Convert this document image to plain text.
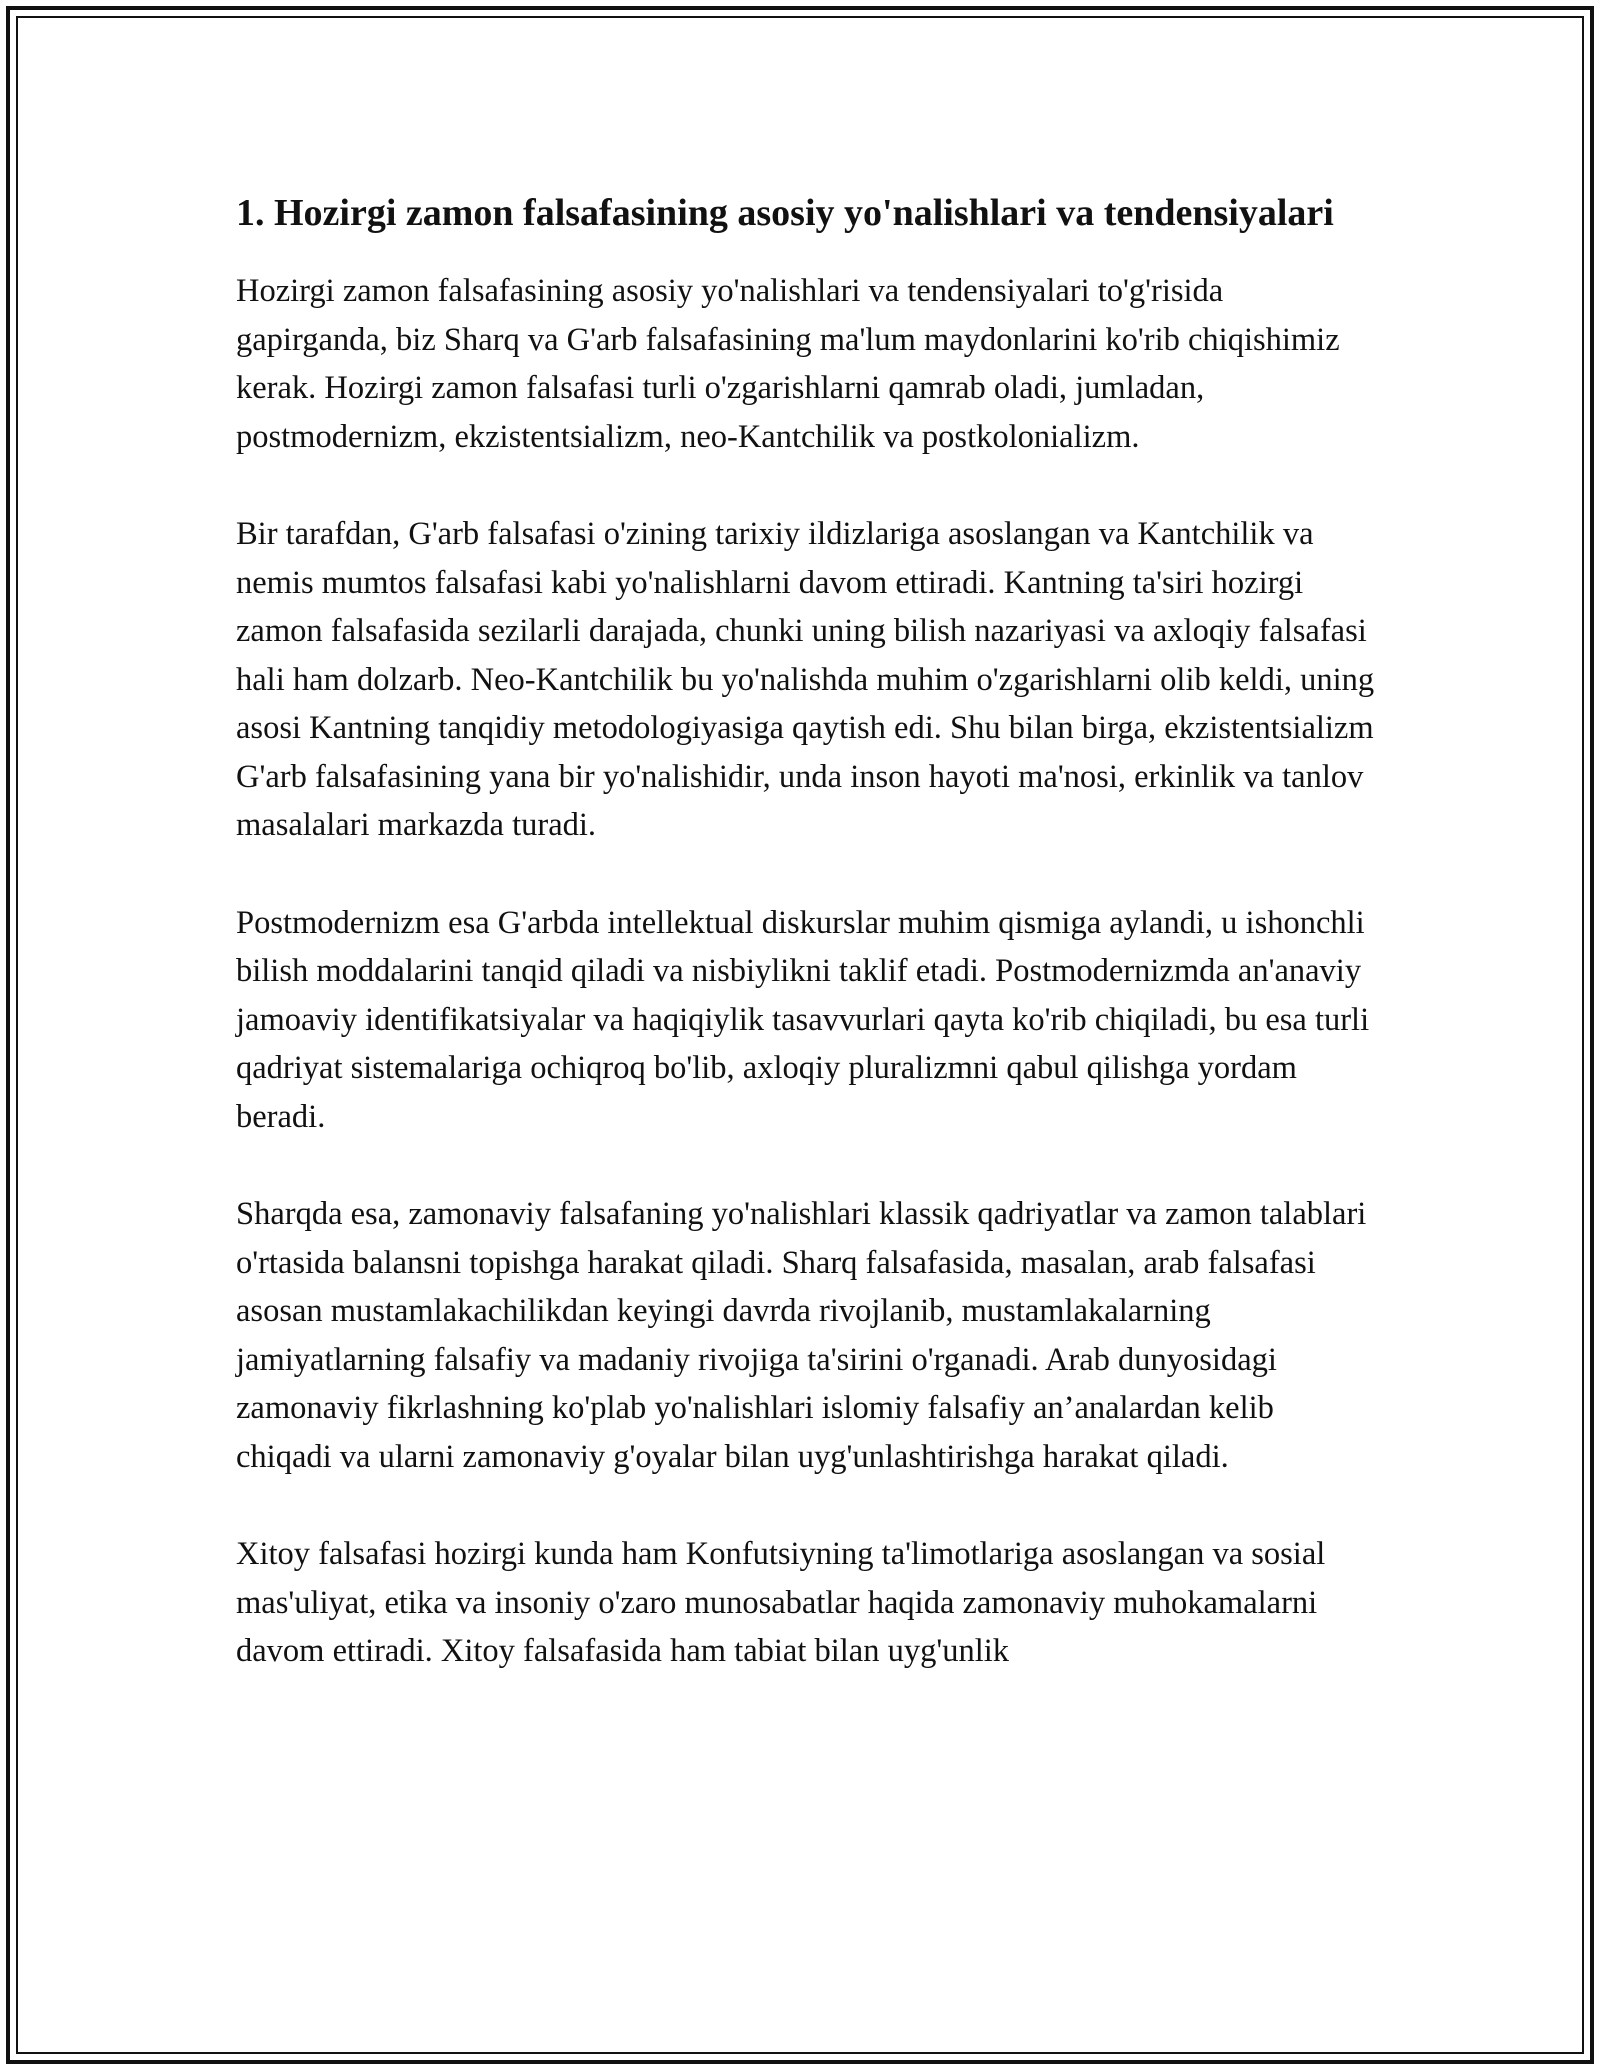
1. Hozirgi zamon falsafasining asosiy yo'nalishlari va tendensiyalari

Hozirgi zamon falsafasining asosiy yo'nalishlari va tendensiyalari to'g'risida gapirganda, biz Sharq va G'arb falsafasining ma'lum maydonlarini ko'rib chiqishimiz kerak. Hozirgi zamon falsafasi turli o'zgarishlarni qamrab oladi, jumladan, postmodernizm, ekzistentsializm, neo-Kantchilik va postkolonializm.

Bir tarafdan, G'arb falsafasi o'zining tarixiy ildizlariga asoslangan va Kantchilik va nemis mumtos falsafasi kabi yo'nalishlarni davom ettiradi. Kantning ta'siri hozirgi zamon falsafasida sezilarli darajada, chunki uning bilish nazariyasi va axloqiy falsafasi hali ham dolzarb. Neo-Kantchilik bu yo'nalishda muhim o'zgarishlarni olib keldi, uning asosi Kantning tanqidiy metodologiyasiga qaytish edi. Shu bilan birga, ekzistentsializm G'arb falsafasining yana bir yo'nalishidir, unda inson hayoti ma'nosi, erkinlik va tanlov masalalari markazda turadi.

Postmodernizm esa G'arbda intellektual diskurslar muhim qismiga aylandi, u ishonchli bilish moddalarini tanqid qiladi va nisbiylikni taklif etadi. Postmodernizmda an'anaviy jamoaviy identifikatsiyalar va haqiqiylik tasavvurlari qayta ko'rib chiqiladi, bu esa turli qadriyat sistemalariga ochiqroq bo'lib, axloqiy pluralizmni qabul qilishga yordam beradi.

Sharqda esa, zamonaviy falsafaning yo'nalishlari klassik qadriyatlar va zamon talablari o'rtasida balansni topishga harakat qiladi. Sharq falsafasida, masalan, arab falsafasi asosan mustamlakachilikdan keyingi davrda rivojlanib, mustamlakalarning jamiyatlarning falsafiy va madaniy rivojiga ta'sirini o'rganadi. Arab dunyosidagi zamonaviy fikrlashning ko'plab yo'nalishlari islomiy falsafiy an’analardan kelib chiqadi va ularni zamonaviy g'oyalar bilan uyg'unlashtirishga harakat qiladi.

Xitoy falsafasi hozirgi kunda ham Konfutsiyning ta'limotlariga asoslangan va sosial mas'uliyat, etika va insoniy o'zaro munosabatlar haqida zamonaviy muhokamalarni davom ettiradi. Xitoy falsafasida ham tabiat bilan uyg'unlik
